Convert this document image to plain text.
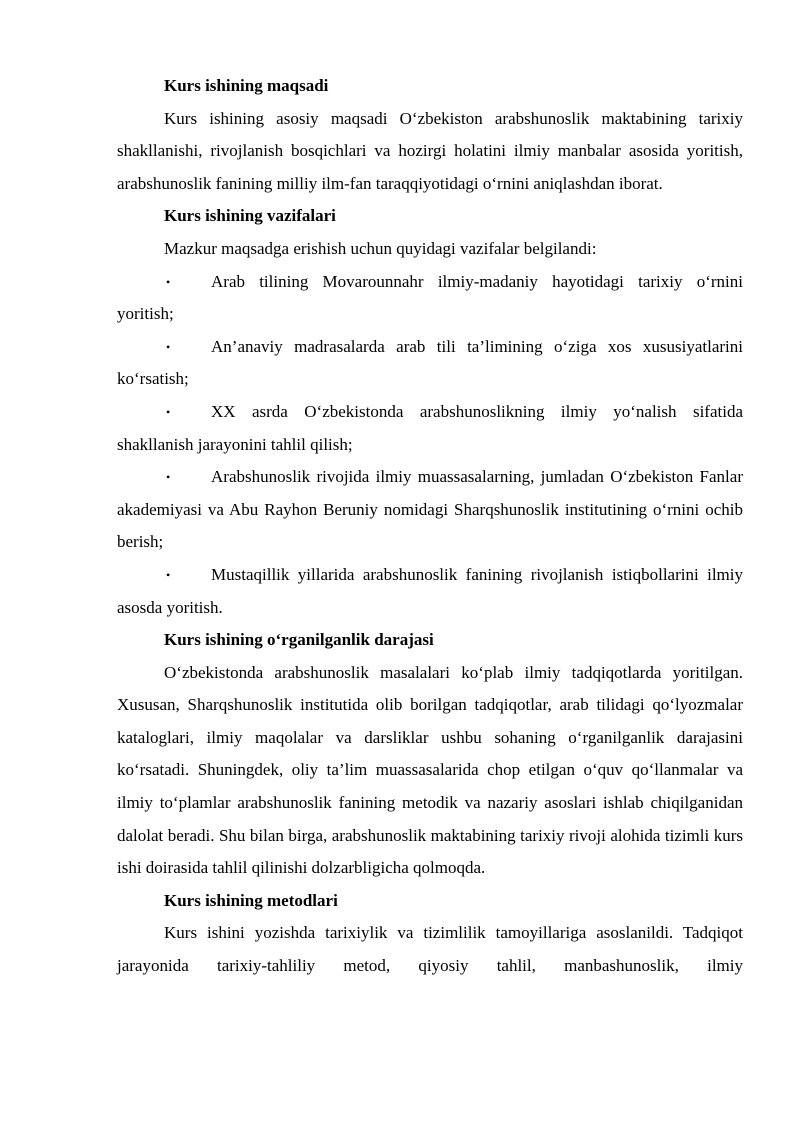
Kurs ishining maqsadi

Kurs ishining asosiy maqsadi O‘zbekiston arabshunoslik maktabining tarixiy shakllanishi, rivojlanish bosqichlari va hozirgi holatini ilmiy manbalar asosida yoritish, arabshunoslik fanining milliy ilm-fan taraqqiyotidagi o‘rnini aniqlashdan iborat.

Kurs ishining vazifalari

Mazkur maqsadga erishish uchun quyidagi vazifalar belgilandi:

• Arab tilining Movarounnahr ilmiy-madaniy hayotidagi tarixiy o‘rnini yoritish;
• An’anaviy madrasalarda arab tili ta’limining o‘ziga xos xususiyatlarini ko‘rsatish;
• XX asrda O‘zbekistonda arabshunoslikning ilmiy yo‘nalish sifatida shakllanish jarayonini tahlil qilish;
• Arabshunoslik rivojida ilmiy muassasalarning, jumladan O‘zbekiston Fanlar akademiyasi va Abu Rayhon Beruniy nomidagi Sharqshunoslik institutining o‘rnini ochib berish;
• Mustaqillik yillarida arabshunoslik fanining rivojlanish istiqbollarini ilmiy asosda yoritish.

Kurs ishining o‘rganilganlik darajasi

O‘zbekistonda arabshunoslik masalalari ko‘plab ilmiy tadqiqotlarda yoritilgan. Xususan, Sharqshunoslik institutida olib borilgan tadqiqotlar, arab tilidagi qo‘lyozmalar kataloglari, ilmiy maqolalar va darsliklar ushbu sohaning o‘rganilganlik darajasini ko‘rsatadi. Shuningdek, oliy ta’lim muassasalarida chop etilgan o‘quv qo‘llanmalar va ilmiy to‘plamlar arabshunoslik fanining metodik va nazariy asoslari ishlab chiqilganidan dalolat beradi. Shu bilan birga, arabshunoslik maktabining tarixiy rivoji alohida tizimli kurs ishi doirasida tahlil qilinishi dolzarbligicha qolmoqda.

Kurs ishining metodlari

Kurs ishini yozishda tarixiylik va tizimlilik tamoyillariga asoslanildi. Tadqiqot jarayonida tarixiy-tahliliy metod, qiyosiy tahlil, manbashunoslik, ilmiy
